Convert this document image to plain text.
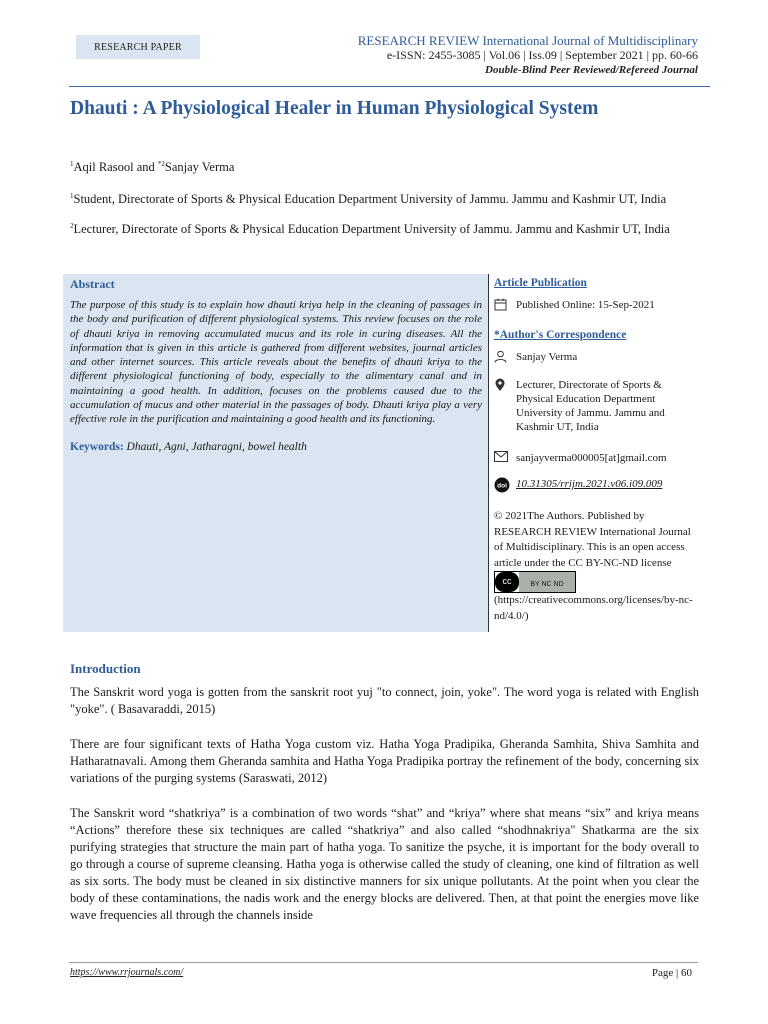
RESEARCH PAPER	RESEARCH REVIEW International Journal of Multidisciplinary
e-ISSN: 2455-3085 | Vol.06 | Iss.09 | September 2021 | pp. 60-66
Double-Blind Peer Reviewed/Refereed Journal
Dhauti : A Physiological Healer in Human Physiological System
$^1$Aqil Rasool and $^{*2}$Sanjay Verma
$^1$Student, Directorate of Sports & Physical Education Department University of Jammu. Jammu and Kashmir UT, India
$^2$Lecturer, Directorate of Sports & Physical Education Department University of Jammu. Jammu and Kashmir UT, India
Abstract
The purpose of this study is to explain how dhauti kriya help in the cleaning of passages in the body and purification of different physiological systems. This review focuses on the role of dhauti kriya in removing accumulated mucus and its role in curing diseases. All the information that is given in this article is gathered from different websites, journal articles and other internet sources. This article reveals about the benefits of dhauti kriya to the different physiological functioning of body, especially to the alimentary canal and in maintaining a good health. In addition, focuses on the problems caused due to the accumulation of mucus and other material in the passages of body. Dhauti kriya play a very effective role in the purification and maintaining a good health and its functioning.
Keywords: Dhauti, Agni, Jatharagni, bowel health
Article Publication
Published Online: 15-Sep-2021
*Author's Correspondence
Sanjay Verma
Lecturer, Directorate of Sports & Physical Education Department University of Jammu. Jammu and Kashmir UT, India
sanjayverma000005[at]gmail.com
doi 10.31305/rrijm.2021.v06.i09.009
© 2021The Authors. Published by RESEARCH REVIEW International Journal of Multidisciplinary. This is an open access article under the CC BY-NC-ND license
cc	BY NC ND
(https://creativecommons.org/licenses/by-nc-nd/4.0/)
Introduction
The Sanskrit word yoga is gotten from the sanskrit root yuj "to connect, join, yoke". The word yoga is related with English "yoke". ( Basavaraddi, 2015)
There are four significant texts of Hatha Yoga custom viz. Hatha Yoga Pradipika, Gheranda Samhita, Shiva Samhita and Hatharatnavali. Among them Gheranda samhita and Hatha Yoga Pradipika portray the refinement of the body, concerning six variations of the purging systems (Saraswati, 2012)
The Sanskrit word “shatkriya” is a combination of two words “shat” and “kriya” where shat means “six” and kriya means “Actions” therefore these six techniques are called “shatkriya” and also called “shodhnakriya" Shatkarma are the six purifying strategies that structure the main part of hatha yoga. To sanitize the psyche, it is important for the body overall to go through a course of supreme cleansing. Hatha yoga is otherwise called the study of cleaning, one kind of filtration as well as six sorts. The body must be cleaned in six distinctive manners for six unique pollutants. At the point when you clear the body of these contaminations, the nadis work and the energy blocks are delivered. Then, at that point the energies move like wave frequencies all through the channels inside
https://www.rrjournals.com/	Page | 60
